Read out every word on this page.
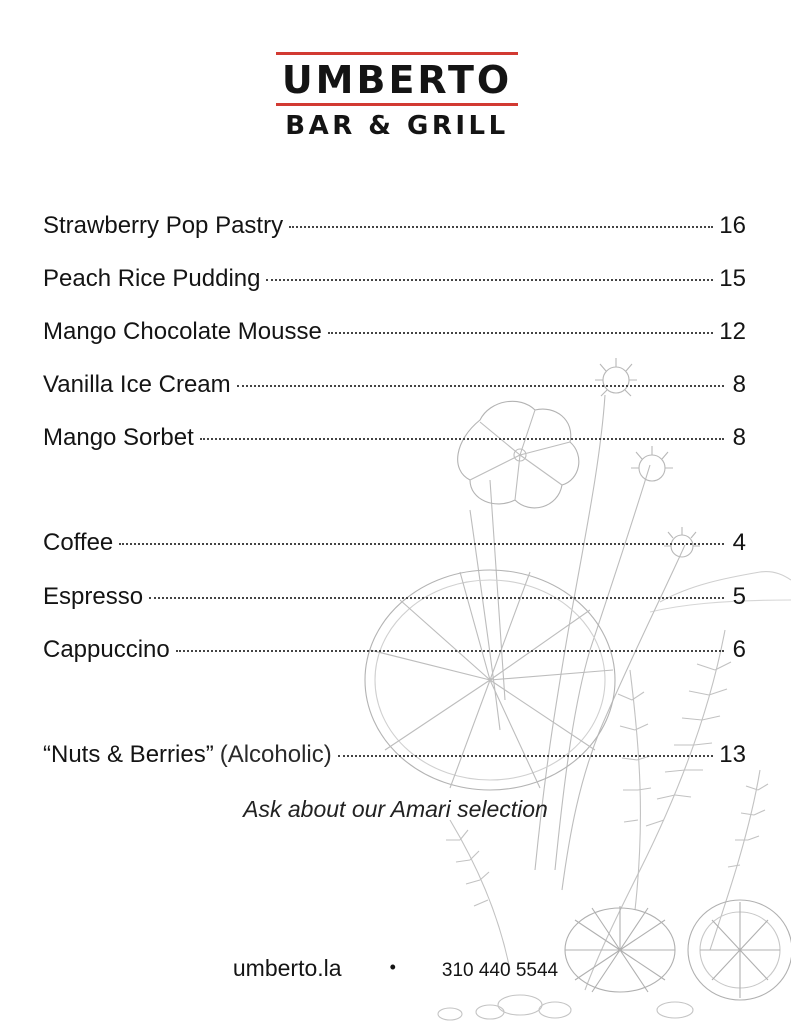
UMBERTO
BAR & GRILL
Strawberry Pop Pastry	16
Peach Rice Pudding	15
Mango Chocolate Mousse	12
Vanilla Ice Cream	8
Mango Sorbet	8
Coffee	4
Espresso	5
Cappuccino	6
“Nuts & Berries” (Alcoholic)	13
Ask about our Amari selection
umberto.la	• 310 440 5544
